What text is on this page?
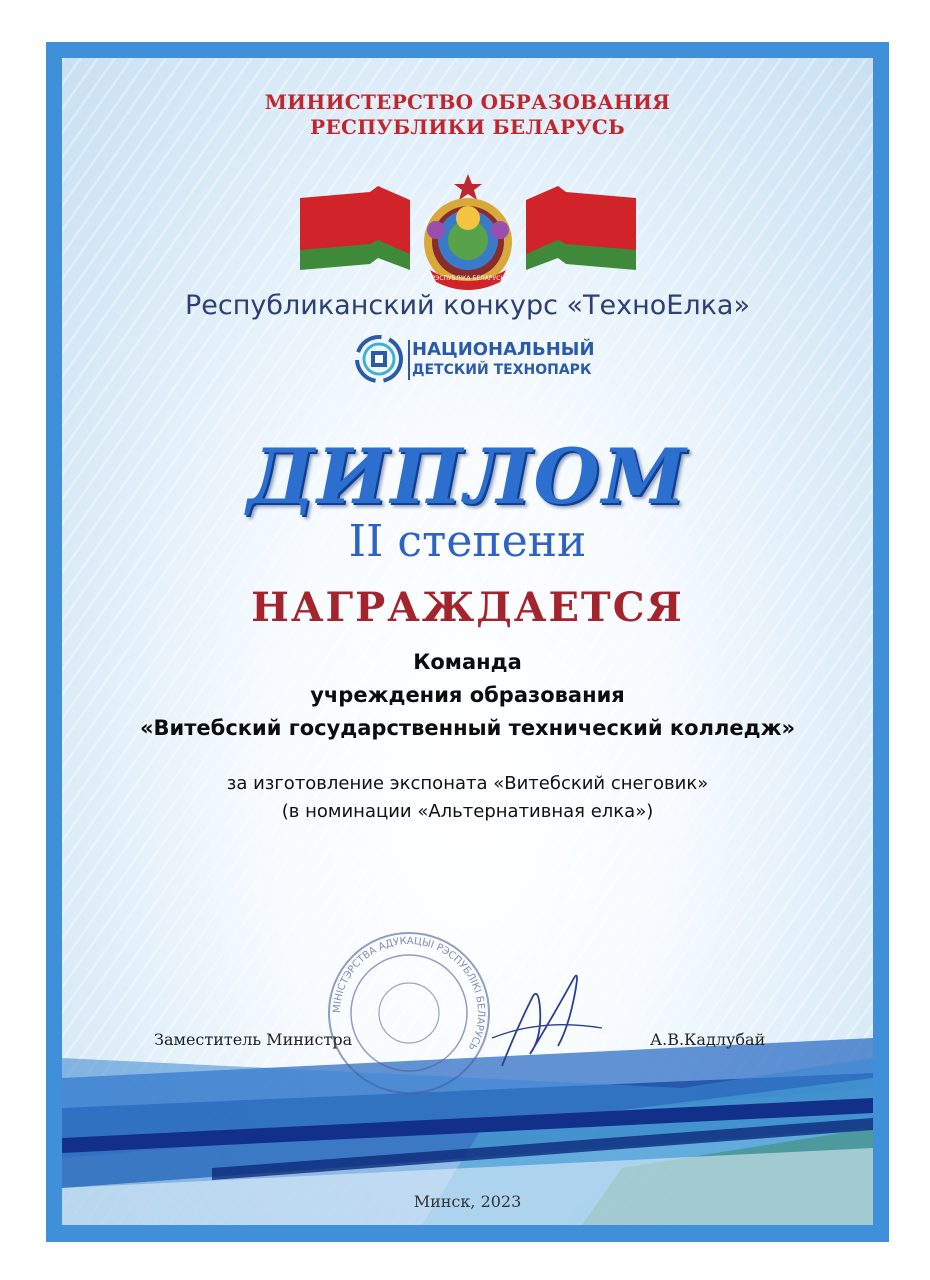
МИНИСТЕРСТВО ОБРАЗОВАНИЯ
РЕСПУБЛИКИ БЕЛАРУСЬ
РЭСПУБЛІКА БЕЛАРУСЬ
Республиканский конкурс «ТехноЕлка»
НАЦИОНАЛЬНЫЙ
ДЕТСКИЙ ТЕХНОПАРК
ДИПЛОМ
II степени
НАГРАЖДАЕТСЯ
Команда
учреждения образования
«Витебский государственный технический колледж»
за изготовление экспоната «Витебский снеговик»
(в номинации «Альтернативная елка»)
МІНІСТЭРСТВА АДУКАЦЫІ РЭСПУБЛІКІ БЕЛАРУСЬ
Заместитель Министра	А.В.Кадлубай
Минск, 2023
